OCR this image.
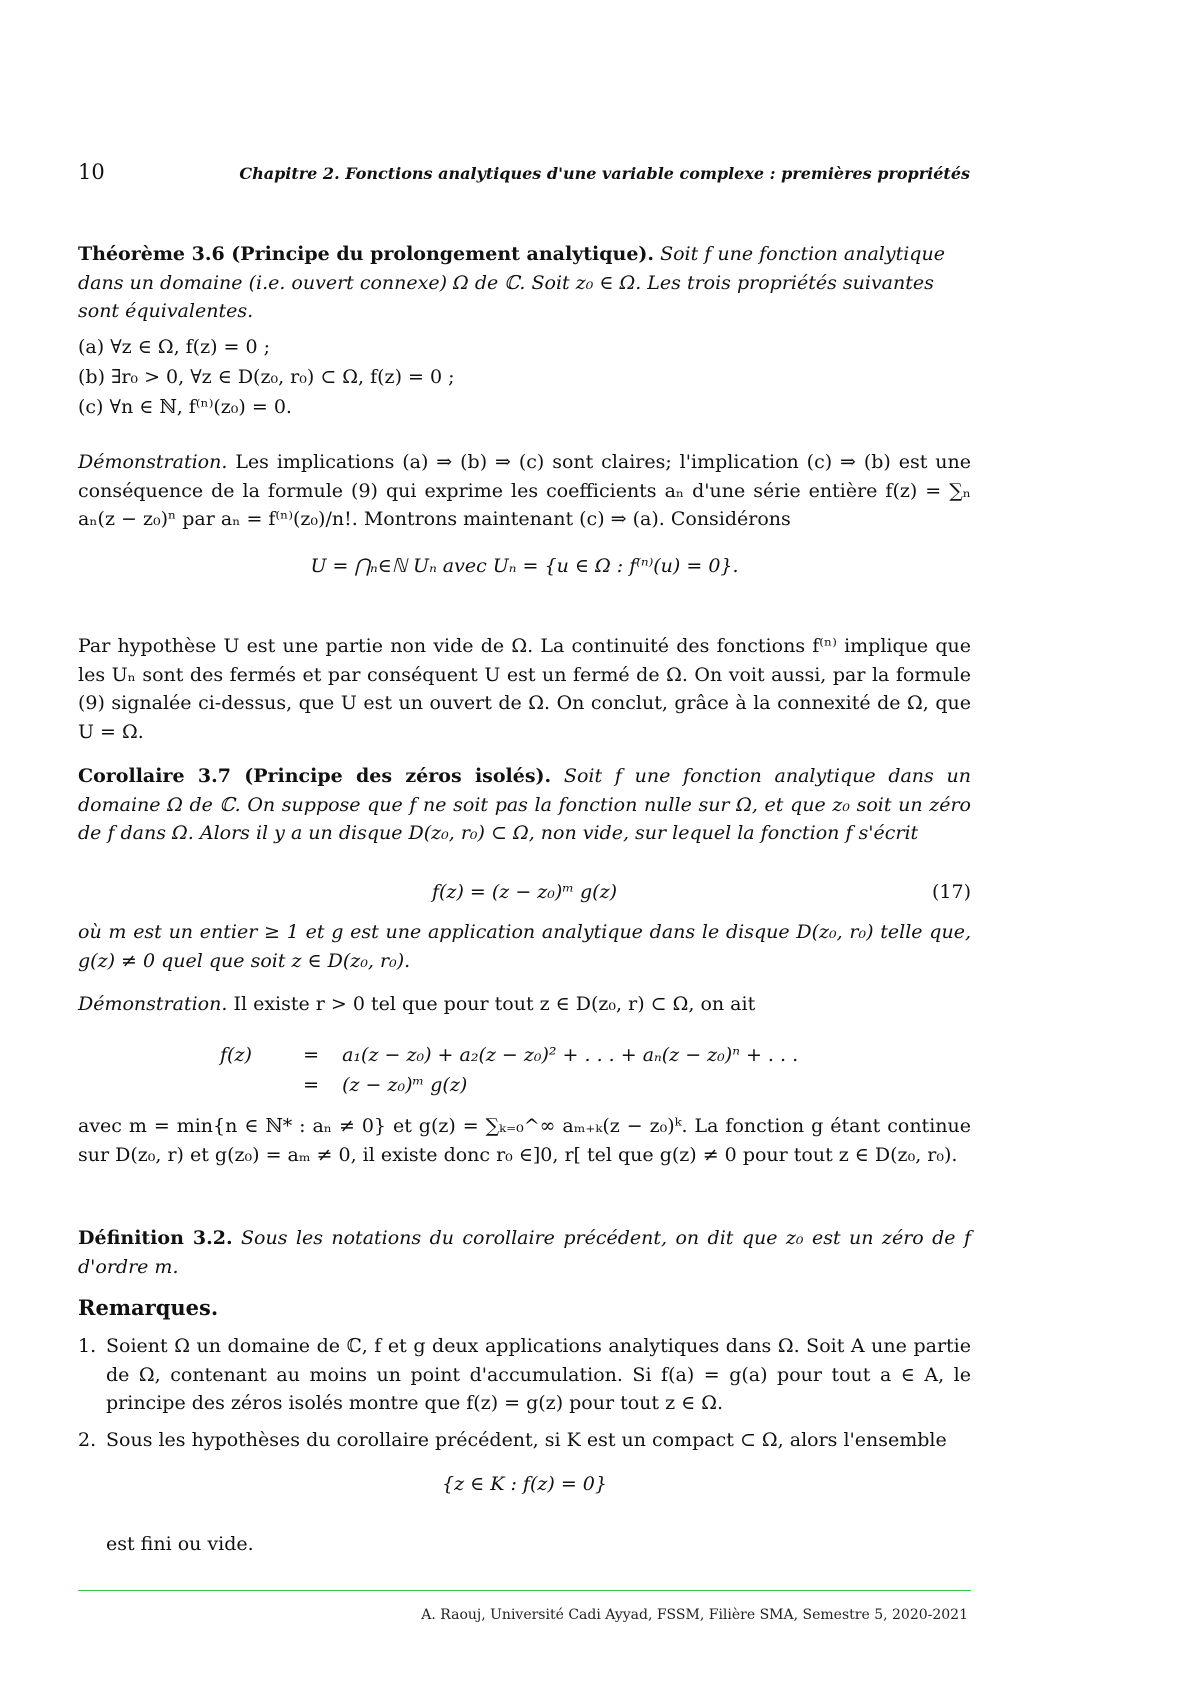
10	Chapitre 2. Fonctions analytiques d'une variable complexe : premières propriétés
Théorème 3.6 (Principe du prolongement analytique). Soit f une fonction analytique dans un domaine (i.e. ouvert connexe) Ω de ℂ. Soit z₀ ∈ Ω. Les trois propriétés suivantes sont équivalentes.
(a) ∀z ∈ Ω, f(z) = 0 ;
(b) ∃r₀ > 0, ∀z ∈ D(z₀, r₀) ⊂ Ω, f(z) = 0 ;
(c) ∀n ∈ ℕ, f⁽ⁿ⁾(z₀) = 0.
Démonstration. Les implications (a) ⇒ (b) ⇒ (c) sont claires; l'implication (c) ⇒ (b) est une conséquence de la formule (9) qui exprime les coefficients aₙ d'une série entière f(z) = ∑ₙ aₙ(z − z₀)ⁿ par aₙ = f⁽ⁿ⁾(z₀)/n!. Montrons maintenant (c) ⇒ (a). Considérons
U = ⋂ₙ∈ℕ Uₙ avec Uₙ = {u ∈ Ω : f⁽ⁿ⁾(u) = 0}.
Par hypothèse U est une partie non vide de Ω. La continuité des fonctions f⁽ⁿ⁾ implique que les Uₙ sont des fermés et par conséquent U est un fermé de Ω. On voit aussi, par la formule (9) signalée ci-dessus, que U est un ouvert de Ω. On conclut, grâce à la connexité de Ω, que U = Ω.
Corollaire 3.7 (Principe des zéros isolés). Soit f une fonction analytique dans un domaine Ω de ℂ. On suppose que f ne soit pas la fonction nulle sur Ω, et que z₀ soit un zéro de f dans Ω. Alors il y a un disque D(z₀, r₀) ⊂ Ω, non vide, sur lequel la fonction f s'écrit
f(z) = (z − z₀)ᵐ g(z)	(17)
où m est un entier ≥ 1 et g est une application analytique dans le disque D(z₀, r₀) telle que, g(z) ≠ 0 quel que soit z ∈ D(z₀, r₀).
Démonstration. Il existe r > 0 tel que pour tout z ∈ D(z₀, r) ⊂ Ω, on ait
f(z)	= a₁(z − z₀) + a₂(z − z₀)² + . . . + aₙ(z − z₀)ⁿ + . . .
= (z − z₀)ᵐ g(z)
avec m = min{n ∈ ℕ* : aₙ ≠ 0} et g(z) = ∑ₖ₌₀^∞ aₘ₊ₖ(z − z₀)ᵏ. La fonction g étant continue sur D(z₀, r) et g(z₀) = aₘ ≠ 0, il existe donc r₀ ∈]0, r[ tel que g(z) ≠ 0 pour tout z ∈ D(z₀, r₀).
Définition 3.2. Sous les notations du corollaire précédent, on dit que z₀ est un zéro de f d'ordre m.
Remarques.
1. Soient Ω un domaine de ℂ, f et g deux applications analytiques dans Ω. Soit A une partie de Ω, contenant au moins un point d'accumulation. Si f(a) = g(a) pour tout a ∈ A, le principe des zéros isolés montre que f(z) = g(z) pour tout z ∈ Ω.
2. Sous les hypothèses du corollaire précédent, si K est un compact ⊂ Ω, alors l'ensemble
{z ∈ K : f(z) = 0}
est fini ou vide.
A. Raouj, Université Cadi Ayyad, FSSM, Filière SMA, Semestre 5, 2020-2021
